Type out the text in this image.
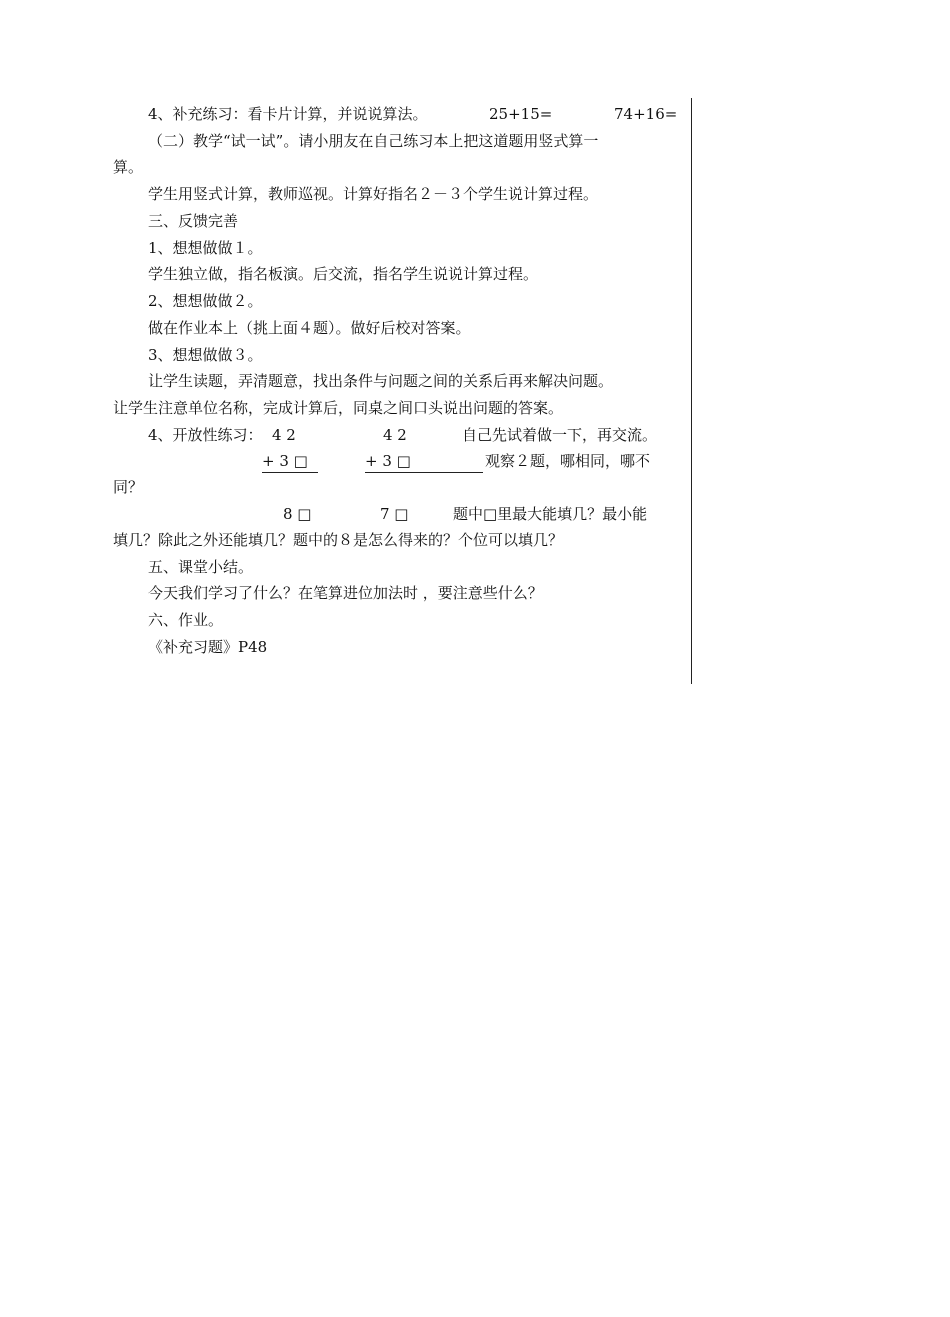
4、补充练习：看卡片计算，并说说算法。	25+15=	74+16=
（二）教学“试一试”。请小朋友在自己练习本上把这道题用竖式算一
算。
学生用竖式计算，教师巡视。计算好指名２－３个学生说计算过程。
三、反馈完善
1、想想做做１。
学生独立做，指名板演。后交流，指名学生说说计算过程。
2、想想做做２。
做在作业本上（挑上面４题）。做好后校对答案。
3、想想做做３。
让学生读题，弄清题意，找出条件与问题之间的关系后再来解决问题。
让学生注意单位名称，完成计算后，同桌之间口头说出问题的答案。
4、开放性练习： 4 2	4 2	自己先试着做一下，再交流。
+ 3 □	+ 3 □	观察２题，哪相同，哪不
同？
8 □	7 □	题中□里最大能填几？最小能
填几？除此之外还能填几？题中的８是怎么得来的？个位可以填几？
五、课堂小结。
今天我们学习了什么？在笔算进位加法时 ，要注意些什么？
六、作业。
《补充习题》P48
